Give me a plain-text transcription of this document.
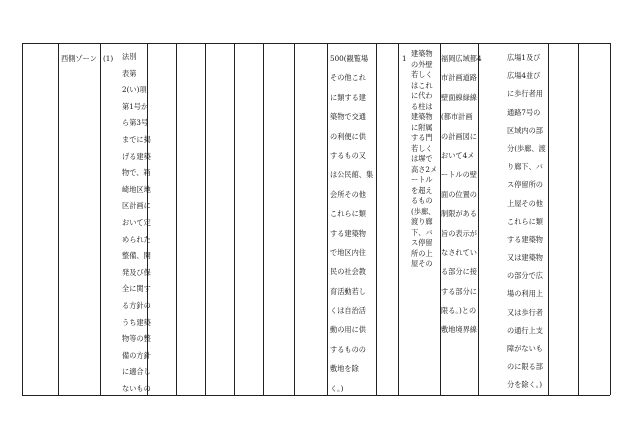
西側ゾーン (1) 法別
表第
2(い)項
第1号か
ら第3号
までに掲
げる建築
物で、箱
崎地区地
区計画に
おいて定
められた
整備、開
発及び保
全に関す
る方針の
うち建築
物等の整
備の方針
に適合し
ないもの
500(観覧場
その他これ
に類する建
築物で交通
の利便に供
するもの又
は公民館、集
会所その他
これらに類
する建築物
で地区内住
民の社会教
育活動若し
くは自治活
動の用に供
するものの
敷地を除
く。)
1
建築物の外壁若しくはこれに代わる柱は建築物に附属する門若しくは塀で高さ2メートルを超えるもの(歩廊、渡り廊下、バス停留所の上屋その
福岡広域都4
市計画道路
壁面線緑線
(都市計画
の計画図に
おいて4メ
ートルの壁
面の位置の
制限がある
旨の表示が
なされてい
る部分に接
する部分に
限る。)との
敷地境界線
広場1及び
広場4並び
に歩行者用
通路7号の
区域内の部
分(歩廊、渡
り廊下、バ
ス停留所の
上屋その他
これらに類
する建築物
又は建築物
の部分で広
場の利用上
又は歩行者
の通行上支
障がないも
のに限る部
分を除く。)
